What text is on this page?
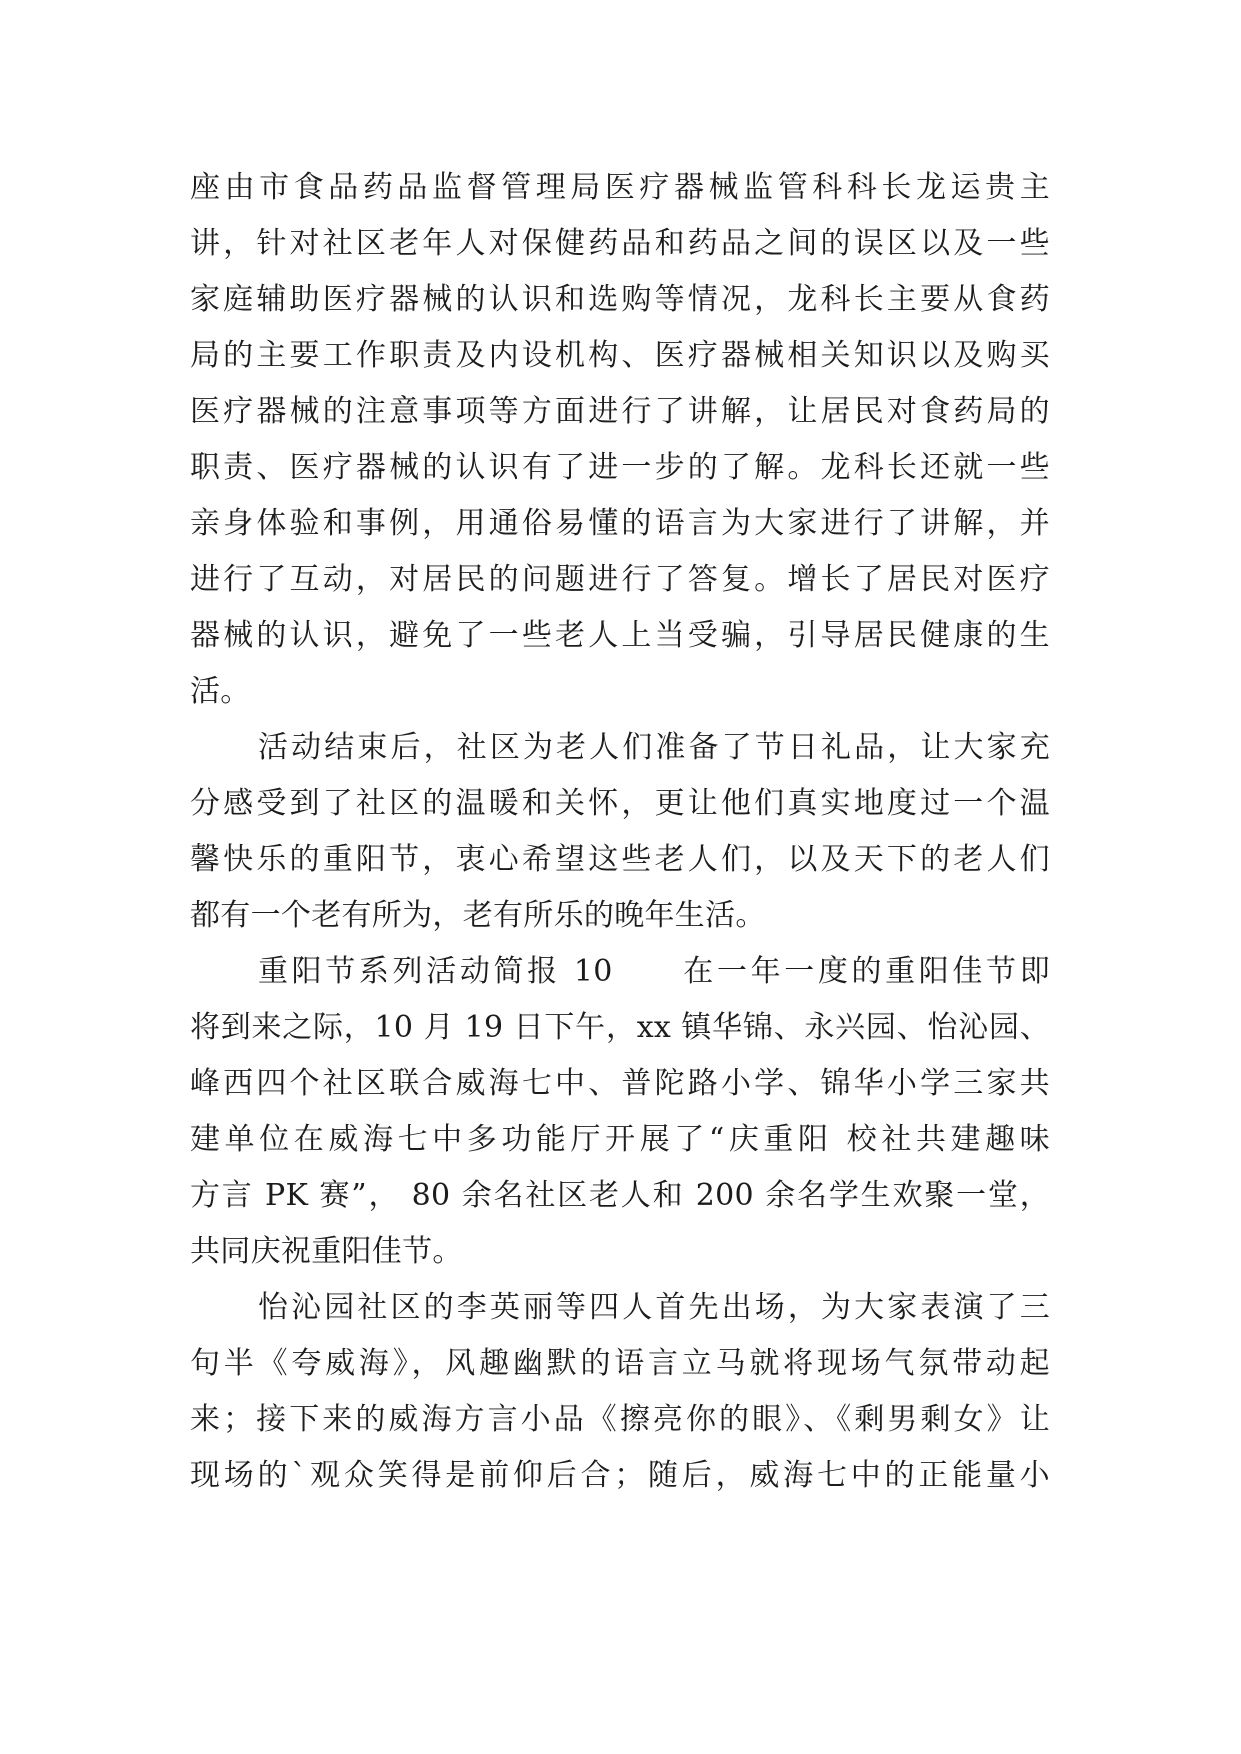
座由市食品药品监督管理局医疗器械监管科科长龙运贵主
讲，针对社区老年人对保健药品和药品之间的误区以及一些
家庭辅助医疗器械的认识和选购等情况，龙科长主要从食药
局的主要工作职责及内设机构、医疗器械相关知识以及购买
医疗器械的注意事项等方面进行了讲解，让居民对食药局的
职责、医疗器械的认识有了进一步的了解。龙科长还就一些
亲身体验和事例，用通俗易懂的语言为大家进行了讲解，并
进行了互动，对居民的问题进行了答复。增长了居民对医疗
器械的认识，避免了一些老人上当受骗，引导居民健康的生
活。
活动结束后，社区为老人们准备了节日礼品，让大家充
分感受到了社区的温暖和关怀，更让他们真实地度过一个温
馨快乐的重阳节，衷心希望这些老人们，以及天下的老人们
都有一个老有所为，老有所乐的晚年生活。
重阳节系列活动简报 10　　在一年一度的重阳佳节即
将到来之际，10 月 19 日下午，xx 镇华锦、永兴园、怡沁园、
峰西四个社区联合威海七中、普陀路小学、锦华小学三家共
建单位在威海七中多功能厅开展了“庆重阳 校社共建趣味
方言 PK 赛”， 80 余名社区老人和 200 余名学生欢聚一堂，
共同庆祝重阳佳节。
怡沁园社区的李英丽等四人首先出场，为大家表演了三
句半《夸威海》，风趣幽默的语言立马就将现场气氛带动起
来；接下来的威海方言小品《擦亮你的眼》、《剩男剩女》让
现场的`观众笑得是前仰后合；随后，威海七中的正能量小
